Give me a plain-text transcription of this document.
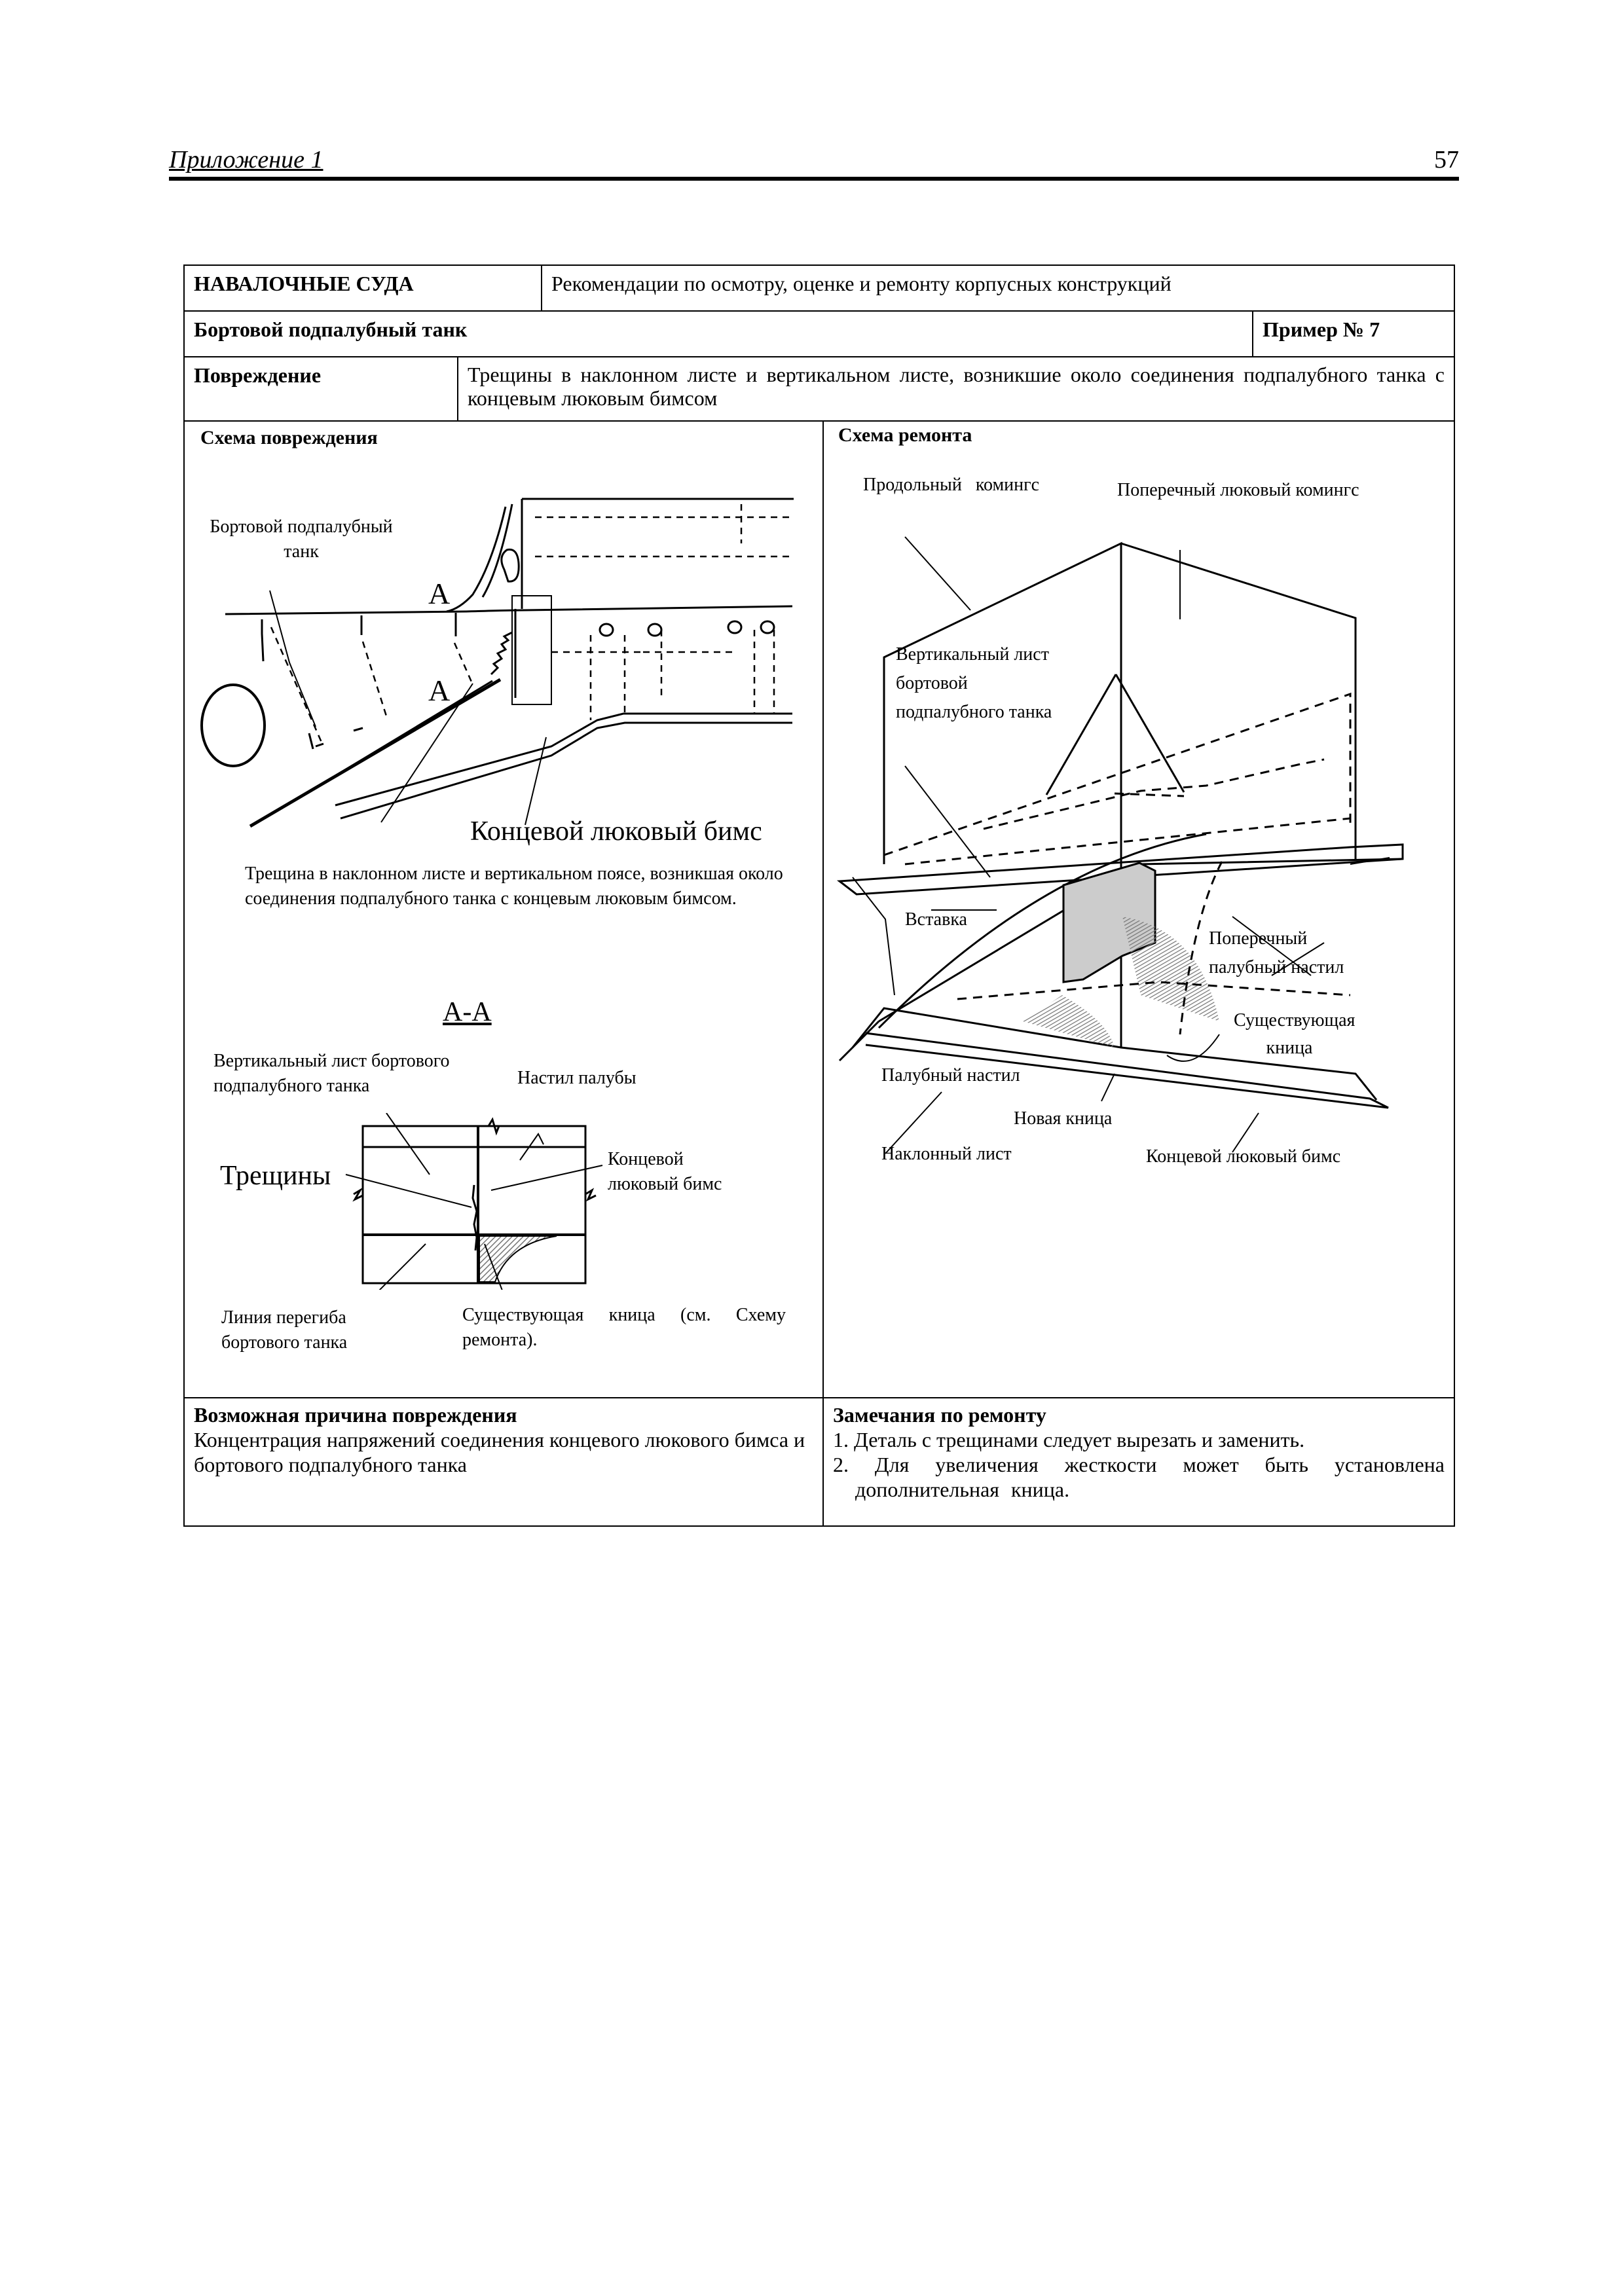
Приложение 1	57
НАВАЛОЧНЫЕ СУДА	Рекомендации по осмотру, оценке и ремонту корпусных конструкций
Бортовой подпалубный танк	Пример № 7
Повреждение	Трещины в наклонном листе и вертикальном листе, возникшие около соединения подпалубного танка с концевым люковым бимсом
Схема повреждения	Схема ремонта
A
A
Бортовой подпалубный танк
Концевой люковый бимс
Трещина в наклонном листе и вертикальном поясе, возникшая около соединения подпалубного танка с концевым люковым бимсом.
A-A
Вертикальный лист бортового подпалубного танка	Настил палубы
Трещины
Концевой люковый бимс
Линия перегиба бортового танка
Существующая кница (см. Схему ремонта).
Продольный комингс	Поперечный люковый комингс
Вертикальный лист бортовой подпалубного танка
Вставка
Поперечный палубный настил
Существующая кница
Палубный настил
Новая кница
Наклонный лист	Концевой люковый бимс
Возможная причина повреждения
Концентрация напряжений соединения концевого люкового бимса и бортового подпалубного танка
Замечания по ремонту
1. Деталь с трещинами следует вырезать и заменить.
2. Для увеличения жесткости может быть установлена дополнительная кница.
